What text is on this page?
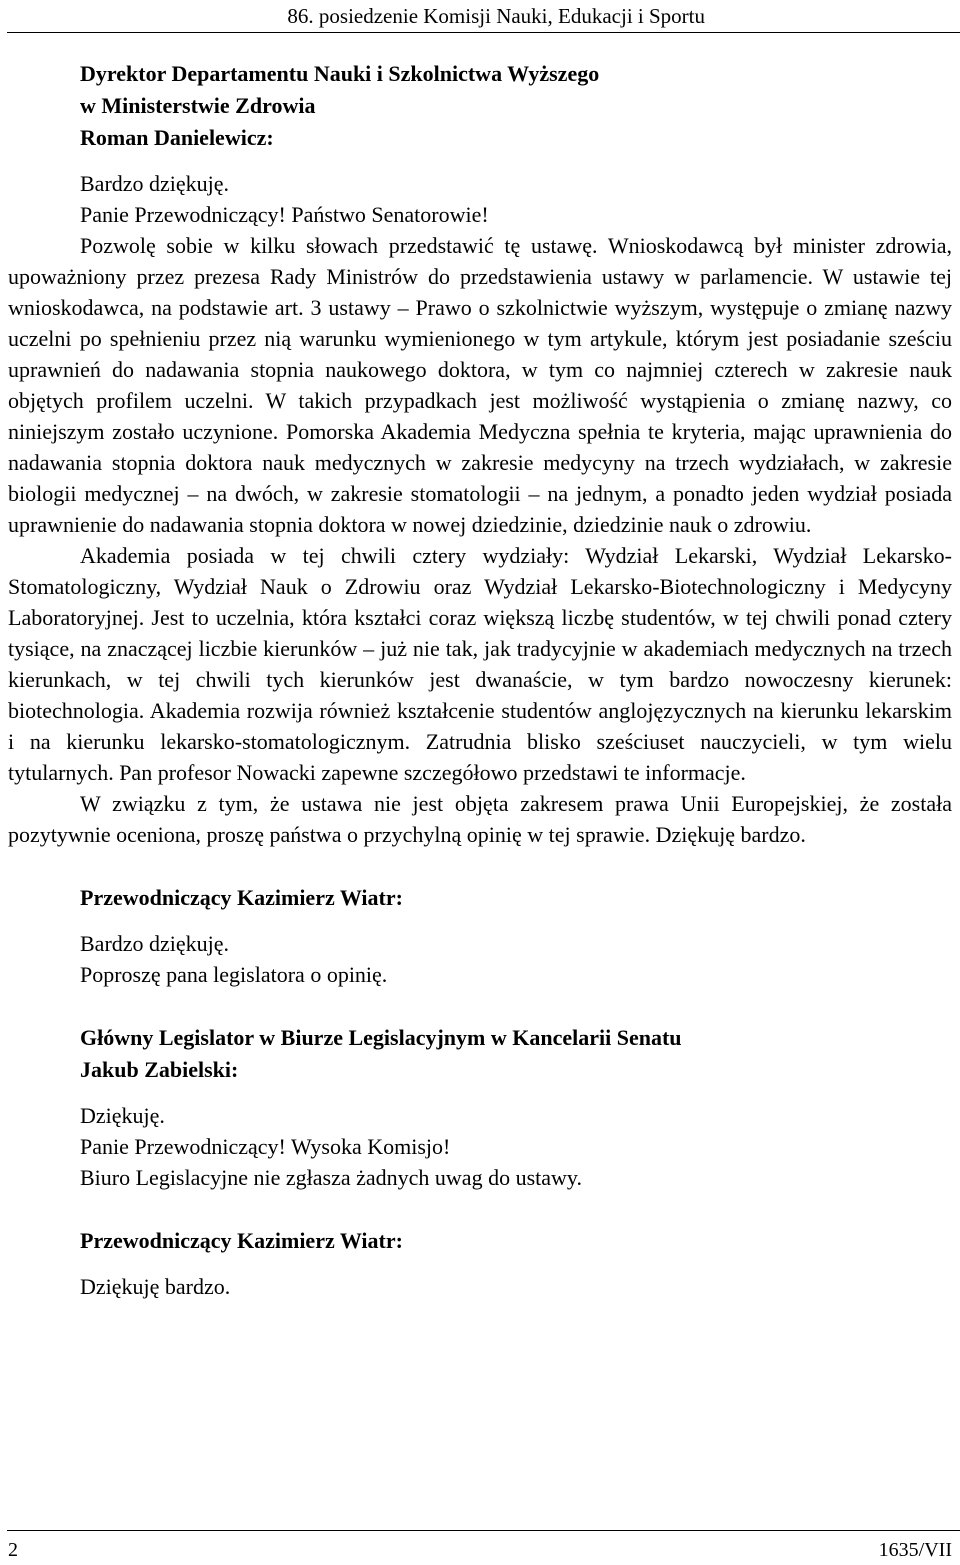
86. posiedzenie Komisji Nauki, Edukacji i Sportu
Dyrektor Departamentu Nauki i Szkolnictwa Wyższego
w Ministerstwie Zdrowia
Roman Danielewicz:
Bardzo dziękuję.
Panie Przewodniczący! Państwo Senatorowie!
Pozwolę sobie w kilku słowach przedstawić tę ustawę. Wnioskodawcą był minister zdrowia, upoważniony przez prezesa Rady Ministrów do przedstawienia ustawy w parlamencie. W ustawie tej wnioskodawca, na podstawie art. 3 ustawy – Prawo o szkolnictwie wyższym, występuje o zmianę nazwy uczelni po spełnieniu przez nią warunku wymienionego w tym artykule, którym jest posiadanie sześciu uprawnień do nadawania stopnia naukowego doktora, w tym co najmniej czterech w zakresie nauk objętych profilem uczelni. W takich przypadkach jest możliwość wystąpienia o zmianę nazwy, co niniejszym zostało uczynione. Pomorska Akademia Medyczna spełnia te kryteria, mając uprawnienia do nadawania stopnia doktora nauk medycznych w zakresie medycyny na trzech wydziałach, w zakresie biologii medycznej – na dwóch, w zakresie stomatologii – na jednym, a ponadto jeden wydział posiada uprawnienie do nadawania stopnia doktora w nowej dziedzinie, dziedzinie nauk o zdrowiu.
Akademia posiada w tej chwili cztery wydziały: Wydział Lekarski, Wydział Lekarsko-Stomatologiczny, Wydział Nauk o Zdrowiu oraz Wydział Lekarsko-Biotechnologiczny i Medycyny Laboratoryjnej. Jest to uczelnia, która kształci coraz większą liczbę studentów, w tej chwili ponad cztery tysiące, na znaczącej liczbie kierunków – już nie tak, jak tradycyjnie w akademiach medycznych na trzech kierunkach, w tej chwili tych kierunków jest dwanaście, w tym bardzo nowoczesny kierunek: biotechnologia. Akademia rozwija również kształcenie studentów anglojęzycznych na kierunku lekarskim i na kierunku lekarsko-stomatologicznym. Zatrudnia blisko sześciuset nauczycieli, w tym wielu tytularnych. Pan profesor Nowacki zapewne szczegółowo przedstawi te informacje.
W związku z tym, że ustawa nie jest objęta zakresem prawa Unii Europejskiej, że została pozytywnie oceniona, proszę państwa o przychylną opinię w tej sprawie. Dziękuję bardzo.
Przewodniczący Kazimierz Wiatr:
Bardzo dziękuję.
Poproszę pana legislatora o opinię.
Główny Legislator w Biurze Legislacyjnym w Kancelarii Senatu
Jakub Zabielski:
Dziękuję.
Panie Przewodniczący! Wysoka Komisjo!
Biuro Legislacyjne nie zgłasza żadnych uwag do ustawy.
Przewodniczący Kazimierz Wiatr:
Dziękuję bardzo.
2	1635/VII
